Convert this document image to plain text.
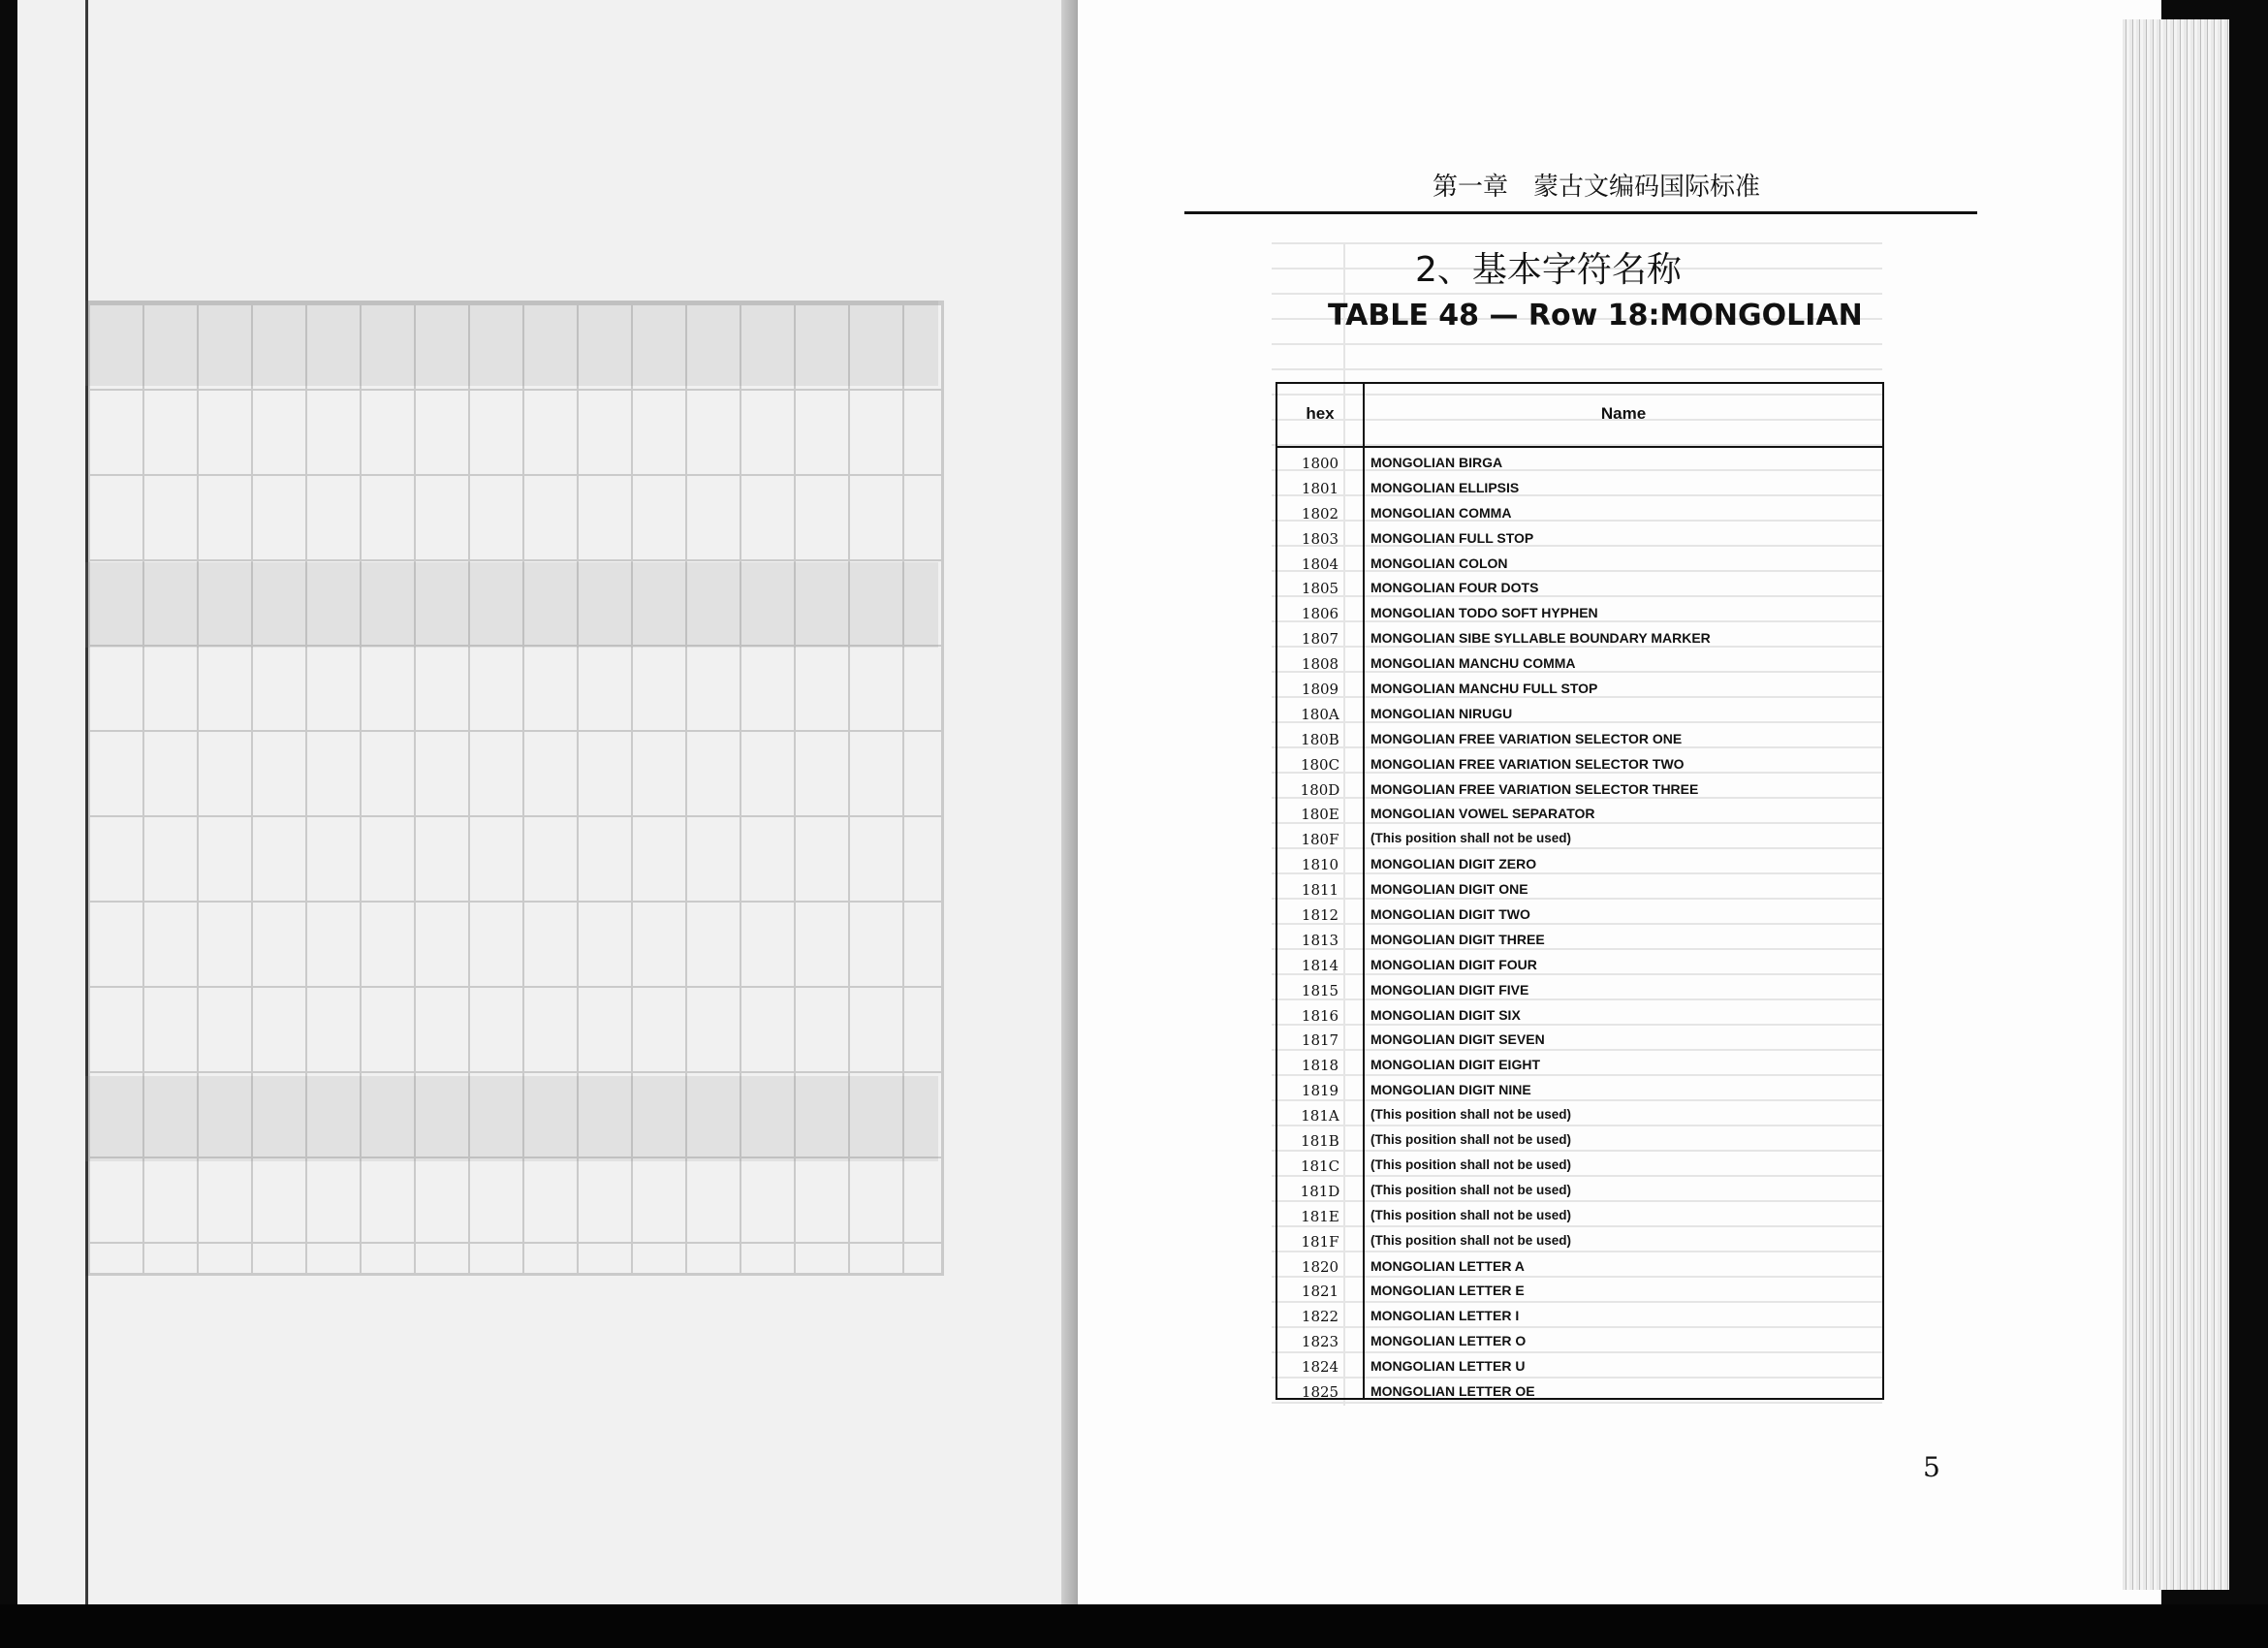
第一章　蒙古文编码国际标准
2、基本字符名称
TABLE 48 — Row 18:MONGOLIAN
hex	Name
1800	MONGOLIAN BIRGA
1801	MONGOLIAN ELLIPSIS
1802	MONGOLIAN COMMA
1803	MONGOLIAN FULL STOP
1804	MONGOLIAN COLON
1805	MONGOLIAN FOUR DOTS
1806	MONGOLIAN TODO SOFT HYPHEN
1807	MONGOLIAN SIBE SYLLABLE BOUNDARY MARKER
1808	MONGOLIAN MANCHU COMMA
1809	MONGOLIAN MANCHU FULL STOP
180A	MONGOLIAN NIRUGU
180B	MONGOLIAN FREE VARIATION SELECTOR ONE
180C	MONGOLIAN FREE VARIATION SELECTOR TWO
180D	MONGOLIAN FREE VARIATION SELECTOR THREE
180E	MONGOLIAN VOWEL SEPARATOR
180F	(This position shall not be used)
1810	MONGOLIAN DIGIT ZERO
1811	MONGOLIAN DIGIT ONE
1812	MONGOLIAN DIGIT TWO
1813	MONGOLIAN DIGIT THREE
1814	MONGOLIAN DIGIT FOUR
1815	MONGOLIAN DIGIT FIVE
1816	MONGOLIAN DIGIT SIX
1817	MONGOLIAN DIGIT SEVEN
1818	MONGOLIAN DIGIT EIGHT
1819	MONGOLIAN DIGIT NINE
181A	(This position shall not be used)
181B	(This position shall not be used)
181C	(This position shall not be used)
181D	(This position shall not be used)
181E	(This position shall not be used)
181F	(This position shall not be used)
1820	MONGOLIAN LETTER A
1821	MONGOLIAN LETTER E
1822	MONGOLIAN LETTER I
1823	MONGOLIAN LETTER O
1824	MONGOLIAN LETTER U
1825	MONGOLIAN LETTER OE
5
